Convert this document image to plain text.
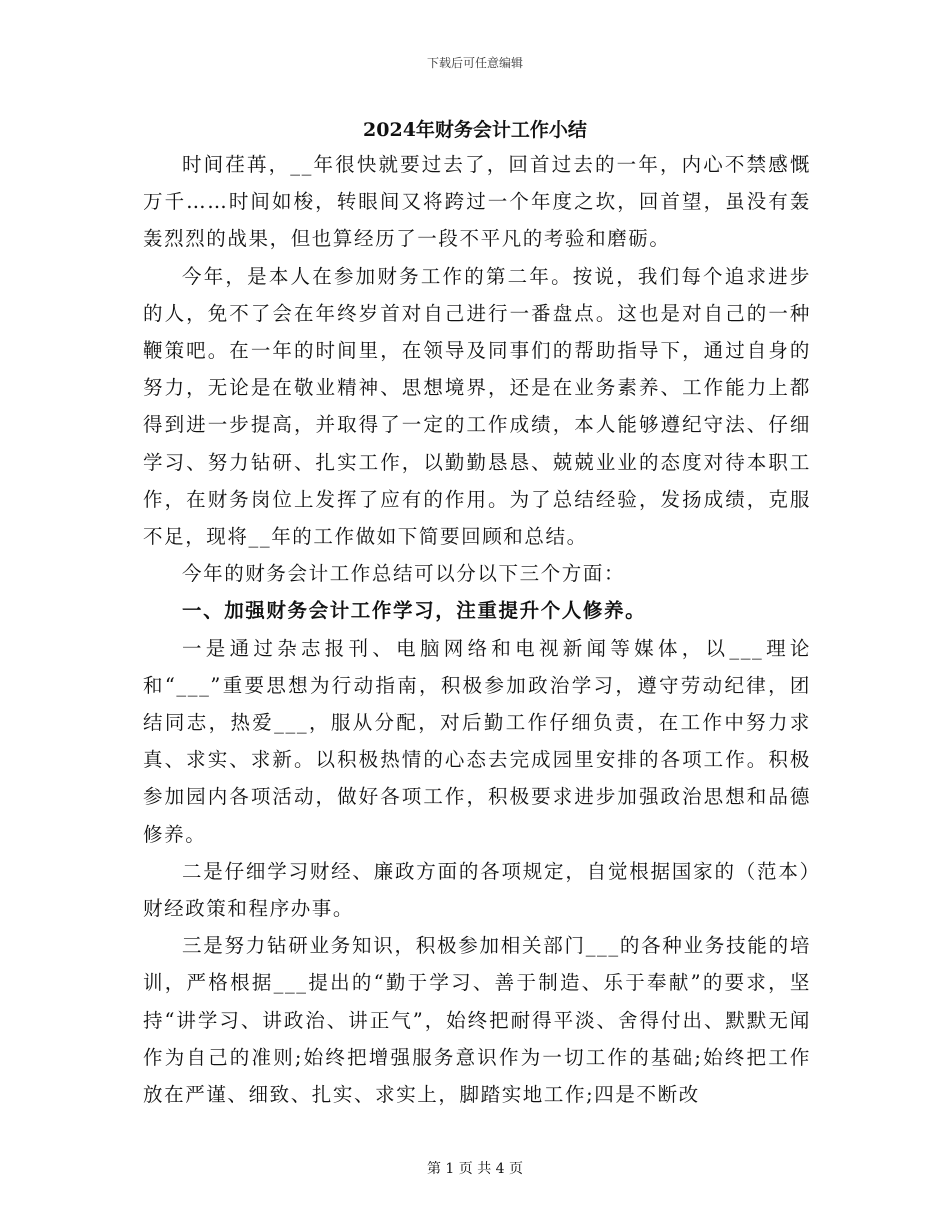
下载后可任意编辑
2024年财务会计工作小结

时间荏苒，__年很快就要过去了，回首过去的一年，内心不禁感慨万千……时间如梭，转眼间又将跨过一个年度之坎，回首望，虽没有轰轰烈烈的战果，但也算经历了一段不平凡的考验和磨砺。

今年，是本人在参加财务工作的第二年。按说，我们每个追求进步的人，免不了会在年终岁首对自己进行一番盘点。这也是对自己的一种鞭策吧。在一年的时间里，在领导及同事们的帮助指导下，通过自身的努力，无论是在敬业精神、思想境界，还是在业务素养、工作能力上都得到进一步提高，并取得了一定的工作成绩，本人能够遵纪守法、仔细学习、努力钻研、扎实工作，以勤勤恳恳、兢兢业业的态度对待本职工作，在财务岗位上发挥了应有的作用。为了总结经验，发扬成绩，克服不足，现将__年的工作做如下简要回顾和总结。

今年的财务会计工作总结可以分以下三个方面：

一、加强财务会计工作学习，注重提升个人修养。

一是通过杂志报刊、电脑网络和电视新闻等媒体，以___理论和“___”重要思想为行动指南，积极参加政治学习，遵守劳动纪律，团结同志，热爱___，服从分配，对后勤工作仔细负责，在工作中努力求真、求实、求新。以积极热情的心态去完成园里安排的各项工作。积极参加园内各项活动，做好各项工作，积极要求进步加强政治思想和品德修养。

二是仔细学习财经、廉政方面的各项规定，自觉根据国家的（范本）财经政策和程序办事。

三是努力钻研业务知识，积极参加相关部门___的各种业务技能的培训，严格根据___提出的“勤于学习、善于制造、乐于奉献”的要求，坚持“讲学习、讲政治、讲正气”，始终把耐得平淡、舍得付出、默默无闻作为自己的准则;始终把增强服务意识作为一切工作的基础;始终把工作放在严谨、细致、扎实、求实上，脚踏实地工作;四是不断改

第 1 页 共 4 页
